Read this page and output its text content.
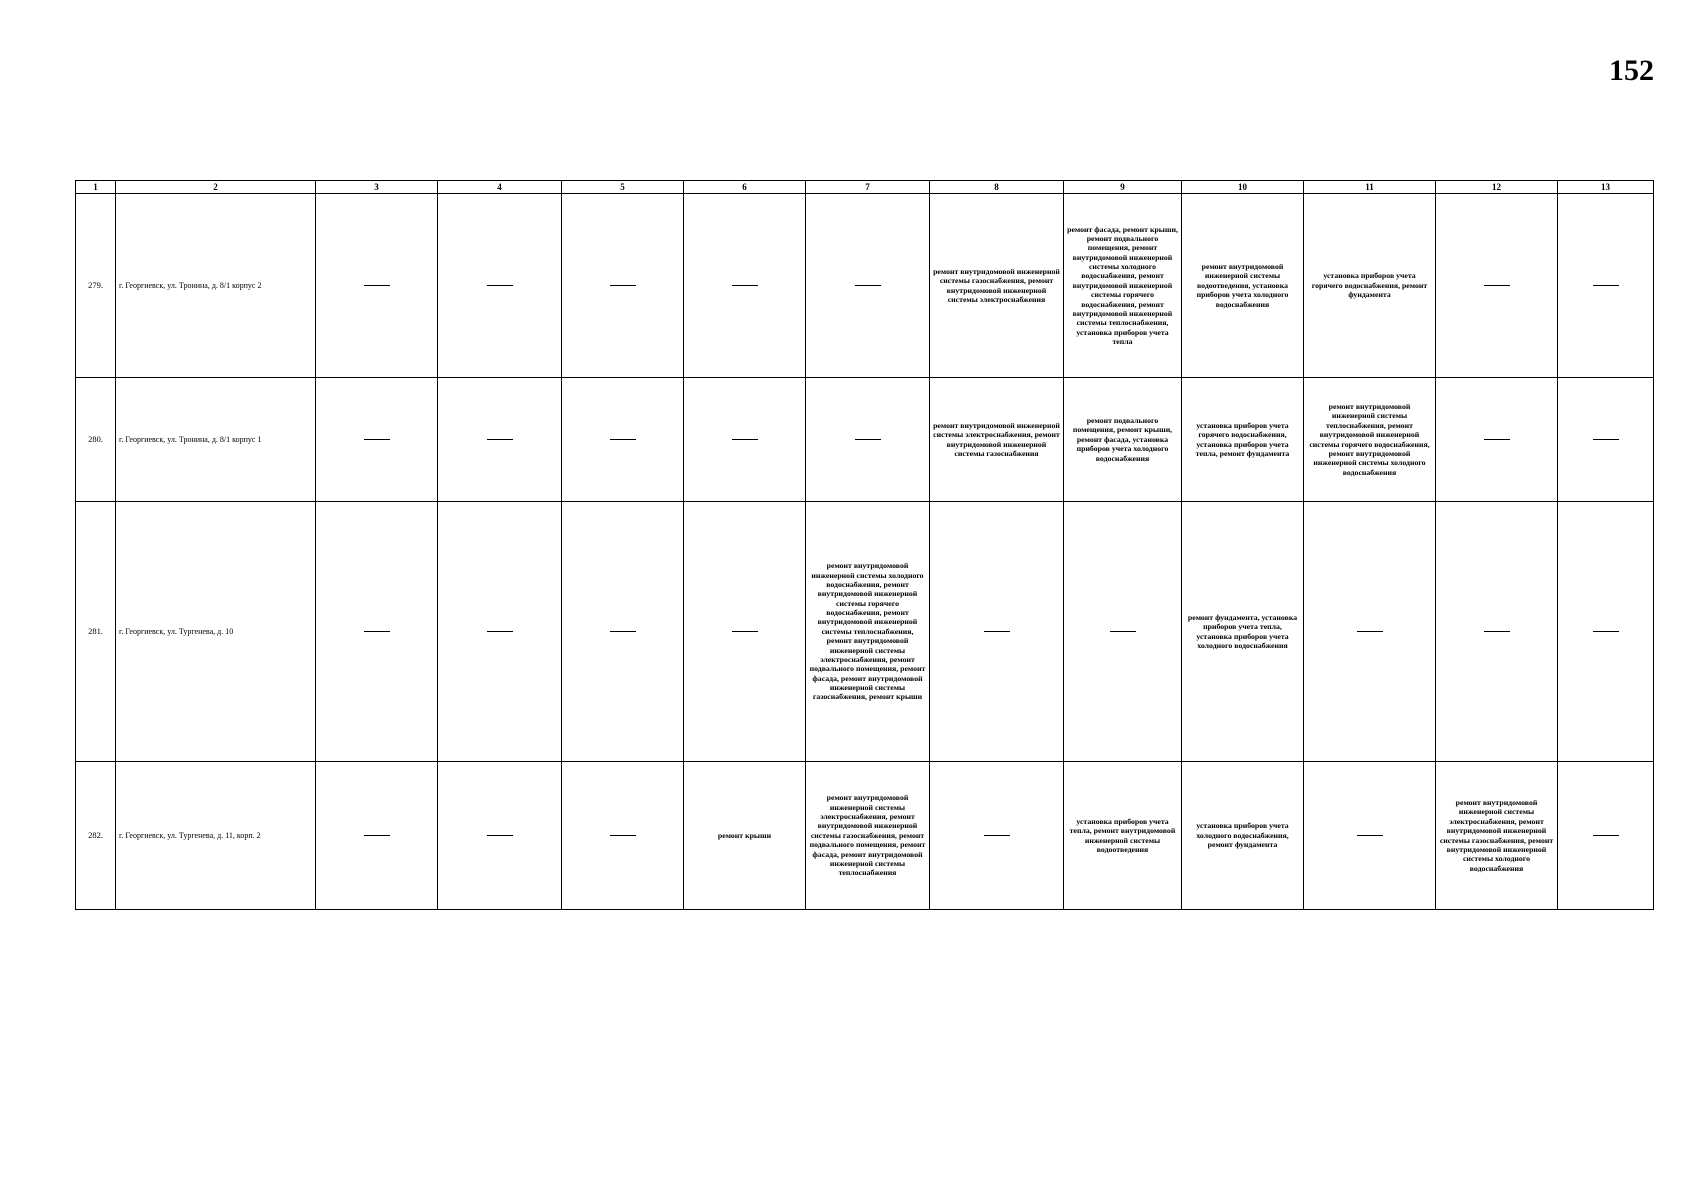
152
1	2	3	4	5	6	7	8	9	10	11	12	13
279.	г. Георгиевск, ул. Тронина, д. 8/1 корпус 2						ремонт внутридомовой инженерной системы газоснабжения, ремонт внутридомовой инженерной системы электроснабжения	ремонт фасада, ремонт крыши, ремонт подвального помещения, ремонт внутридомовой инженерной системы холодного водоснабжения, ремонт внутридомовой инженерной системы горячего водоснабжения, ремонт внутридомовой инженерной системы теплоснабжения, установка приборов учета тепла	ремонт внутридомовой инженерной системы водоотведения, установка приборов учета холодного водоснабжения	установка приборов учета горячего водоснабжения, ремонт фундамента		

280.	г. Георгиевск, ул. Тронина, д. 8/1 корпус 1						ремонт внутридомовой инженерной системы электроснабжения, ремонт внутридомовой инженерной системы газоснабжения	ремонт подвального помещения, ремонт крыши, ремонт фасада, установка приборов учета холодного водоснабжения	установка приборов учета горячего водоснабжения, установка приборов учета тепла, ремонт фундамента	ремонт внутридомовой инженерной системы теплоснабжения, ремонт внутридомовой инженерной системы горячего водоснабжения, ремонт внутридомовой инженерной системы холодного водоснабжения		

281.	г. Георгиевск, ул. Тургенева, д. 10					ремонт внутридомовой инженерной системы холодного водоснабжения, ремонт внутридомовой инженерной системы горячего водоснабжения, ремонт внутридомовой инженерной системы теплоснабжения, ремонт внутридомовой инженерной системы электроснабжения, ремонт подвального помещения, ремонт фасада, ремонт внутридомовой инженерной системы газоснабжения, ремонт крыши			ремонт фундамента, установка приборов учета тепла, установка приборов учета холодного водоснабжения			

282.	г. Георгиевск, ул. Тургенева, д. 11, корп. 2				ремонт крыши	ремонт внутридомовой инженерной системы электроснабжения, ремонт внутридомовой инженерной системы газоснабжения, ремонт подвального помещения, ремонт фасада, ремонт внутридомовой инженерной системы теплоснабжения		установка приборов учета тепла, ремонт внутридомовой инженерной системы водоотведения	установка приборов учета холодного водоснабжения, ремонт фундамента		ремонт внутридомовой инженерной системы электроснабжения, ремонт внутридомовой инженерной системы газоснабжения, ремонт внутридомовой инженерной системы холодного водоснабжения	
